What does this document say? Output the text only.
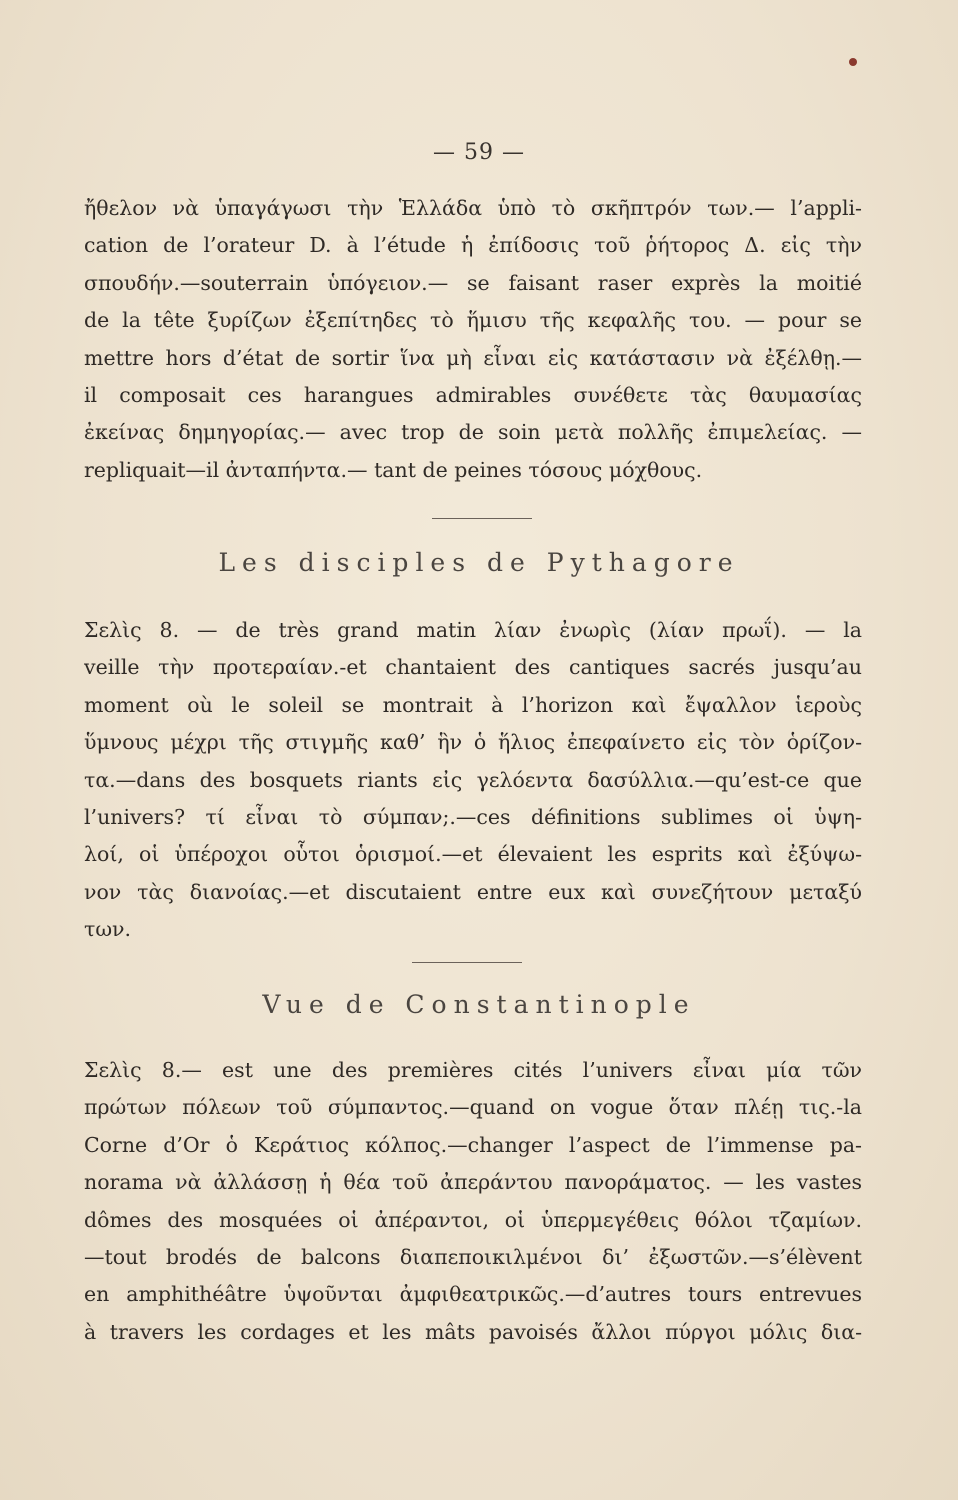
— 59 —
ἤθελον νὰ ὑπαγάγωσι τὴν Ἑλλάδα ὑπὸ τὸ σκῆπτρόν των.— l’appli-
cation de l’orateur D. à l’étude ἡ ἐπίδοσις τοῦ ῥήτορος Δ. εἰς τὴν
σπουδήν.—souterrain ὑπόγειον.— se faisant raser exprès la moitié
de la tête ξυρίζων ἐξεπίτηδες τὸ ἥμισυ τῆς κεφαλῆς του. — pour se
mettre hors d’état de sortir ἵνα μὴ εἶναι εἰς κατάστασιν νὰ ἐξέλθῃ.—
il composait ces harangues admirables συνέθετε τὰς θαυμασίας
ἐκείνας δημηγορίας.— avec trop de soin μετὰ πολλῆς ἐπιμελείας. —
repliquait—il ἀνταπήντα.— tant de peines τόσους μόχθους.
Les disciples de Pythagore
Σελὶς 8. — de très grand matin λίαν ἐνωρὶς (λίαν πρωΐ). — la
veille τὴν προτεραίαν.-et chantaient des cantiques sacrés jusqu’au
moment où le soleil se montrait à l’horizon καὶ ἔψαλλον ἱεροὺς
ὕμνους μέχρι τῆς στιγμῆς καθ’ ἣν ὁ ἥλιος ἐπεφαίνετο εἰς τὸν ὁρίζον-
τα.—dans des bosquets riants εἰς γελόεντα δασύλλια.—qu’est-ce que
l’univers? τί εἶναι τὸ σύμπαν;.—ces définitions sublimes οἱ ὑψη-
λοί, οἱ ὑπέροχοι οὗτοι ὁρισμοί.—et élevaient les esprits καὶ ἐξύψω-
νον τὰς διανοίας.—et discutaient entre eux καὶ συνεζήτουν μεταξύ
των.
Vue de Constantinople
Σελὶς 8.— est une des premières cités l’univers εἶναι μία τῶν
πρώτων πόλεων τοῦ σύμπαντος.—quand on vogue ὅταν πλέῃ τις.-la
Corne d’Or ὁ Κεράτιος κόλπος.—changer l’aspect de l’immense pa-
norama νὰ ἀλλάσσῃ ἡ θέα τοῦ ἀπεράντου πανοράματος. — les vastes
dômes des mosquées οἱ ἀπέραντοι, οἱ ὑπερμεγέθεις θόλοι τζαμίων.
—tout brodés de balcons διαπεποικιλμένοι δι’ ἐξωστῶν.—s’élèvent
en amphithéâtre ὑψοῦνται ἀμφιθεατρικῶς.—d’autres tours entrevues
à travers les cordages et les mâts pavoisés ἄλλοι πύργοι μόλις δια-
